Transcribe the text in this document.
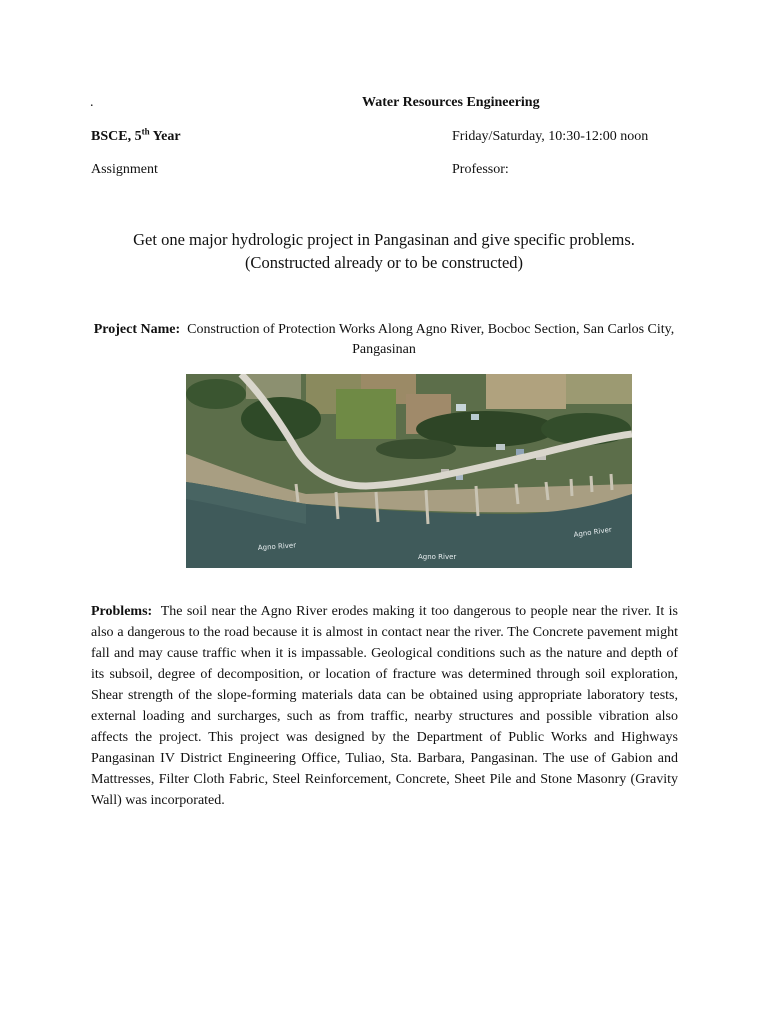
.	Water Resources Engineering
BSCE, 5th Year	Friday/Saturday, 10:30-12:00 noon
Assignment	Professor:
Get one major hydrologic project in Pangasinan and give specific problems.
(Constructed already or to be constructed)
Project Name: Construction of Protection Works Along Agno River, Bocboc Section, San Carlos City, Pangasinan
Agno River
Agno River
Agno River
Problems: The soil near the Agno River erodes making it too dangerous to people near the river. It is also a dangerous to the road because it is almost in contact near the river. The Concrete pavement might fall and may cause traffic when it is impassable. Geological conditions such as the nature and depth of its subsoil, degree of decomposition, or location of fracture was determined through soil exploration, Shear strength of the slope-forming materials data can be obtained using appropriate laboratory tests, external loading and surcharges, such as from traffic, nearby structures and possible vibration also affects the project. This project was designed by the Department of Public Works and Highways Pangasinan IV District Engineering Office, Tuliao, Sta. Barbara, Pangasinan. The use of Gabion and Mattresses, Filter Cloth Fabric, Steel Reinforcement, Concrete, Sheet Pile and Stone Masonry (Gravity Wall) was incorporated.
